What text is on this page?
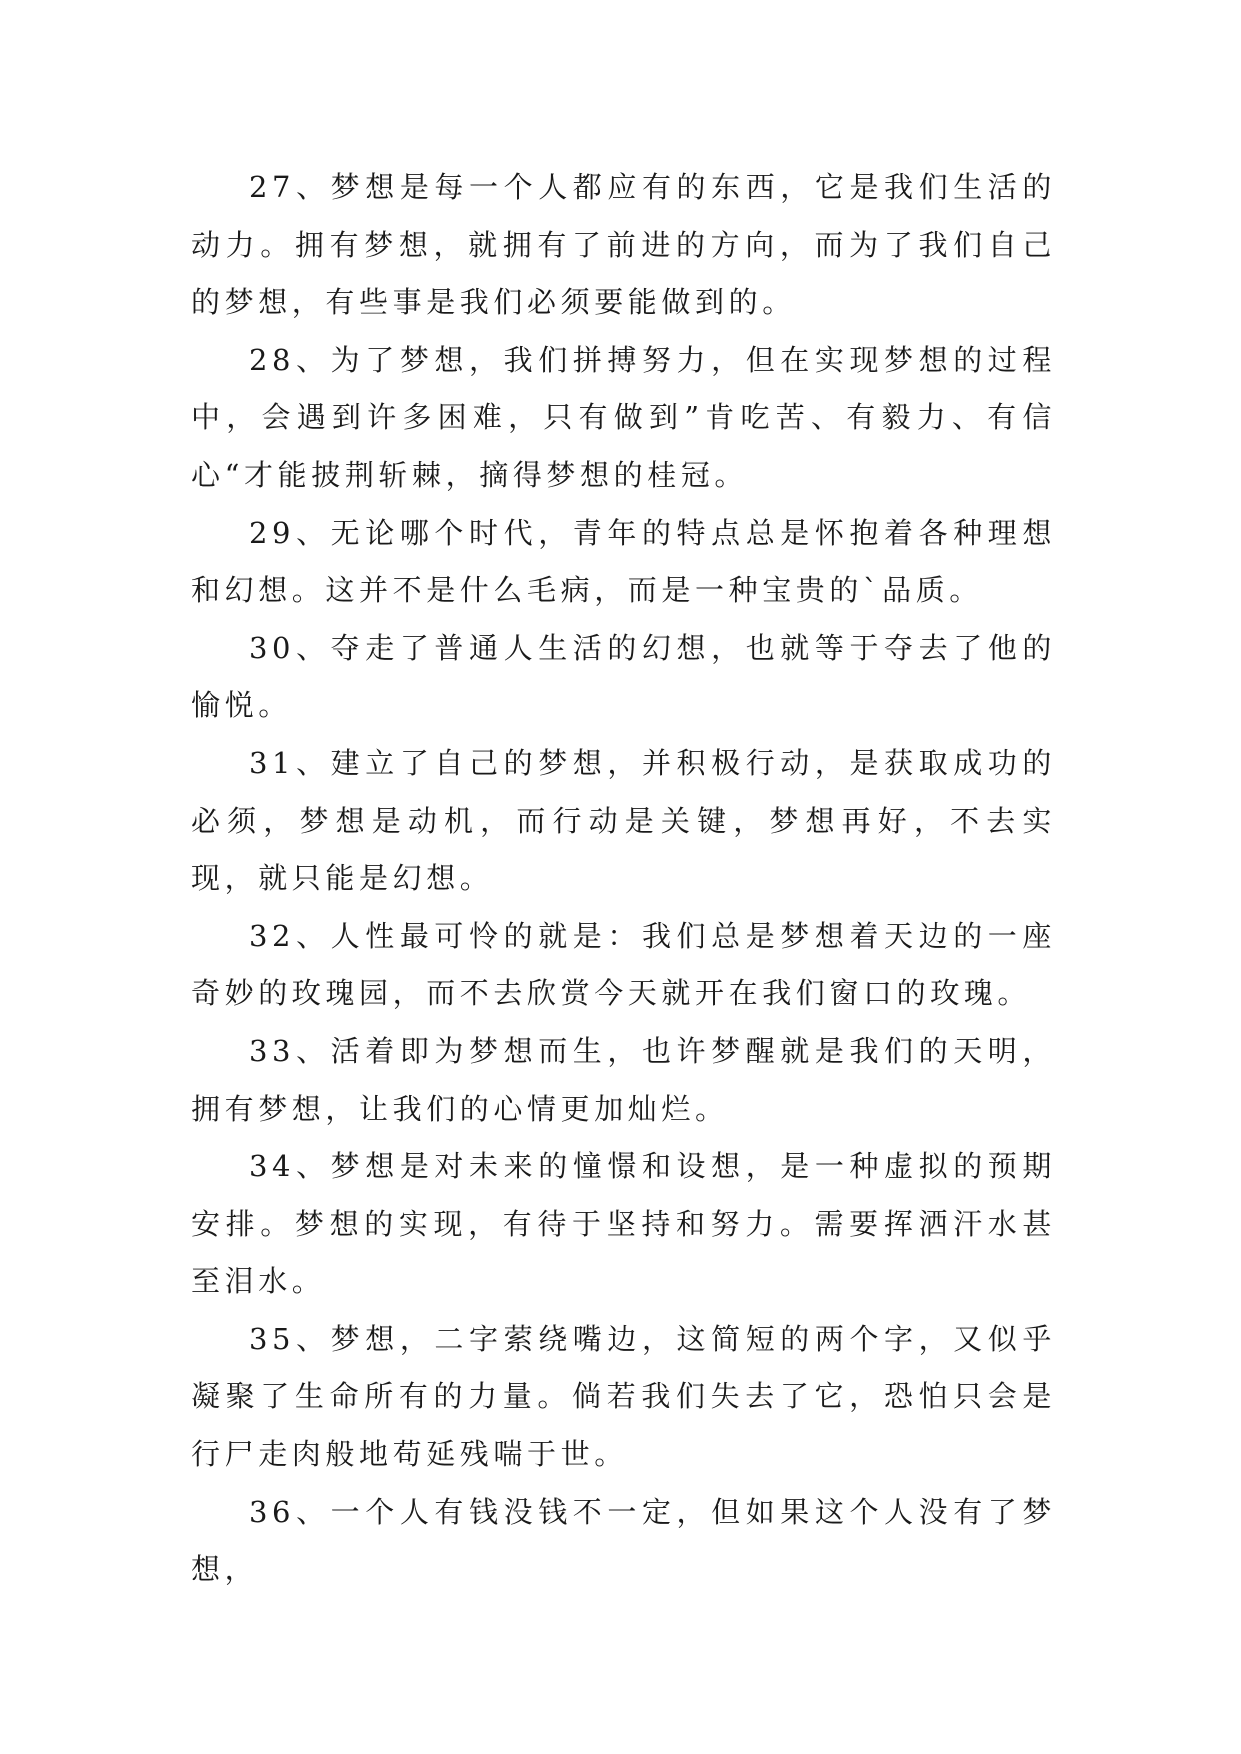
27、梦想是每一个人都应有的东西，它是我们生活的动力。拥有梦想，就拥有了前进的方向，而为了我们自己的梦想，有些事是我们必须要能做到的。

28、为了梦想，我们拼搏努力，但在实现梦想的过程中，会遇到许多困难，只有做到”肯吃苦、有毅力、有信心“才能披荆斩棘，摘得梦想的桂冠。

29、无论哪个时代，青年的特点总是怀抱着各种理想和幻想。这并不是什么毛病，而是一种宝贵的`品质。

30、夺走了普通人生活的幻想，也就等于夺去了他的愉悦。

31、建立了自己的梦想，并积极行动，是获取成功的必须，梦想是动机，而行动是关键，梦想再好，不去实现，就只能是幻想。

32、人性最可怜的就是：我们总是梦想着天边的一座奇妙的玫瑰园，而不去欣赏今天就开在我们窗口的玫瑰。

33、活着即为梦想而生，也许梦醒就是我们的天明，拥有梦想，让我们的心情更加灿烂。

34、梦想是对未来的憧憬和设想，是一种虚拟的预期安排。梦想的实现，有待于坚持和努力。需要挥洒汗水甚至泪水。

35、梦想，二字萦绕嘴边，这简短的两个字，又似乎凝聚了生命所有的力量。倘若我们失去了它，恐怕只会是行尸走肉般地苟延残喘于世。

36、一个人有钱没钱不一定，但如果这个人没有了梦想，
